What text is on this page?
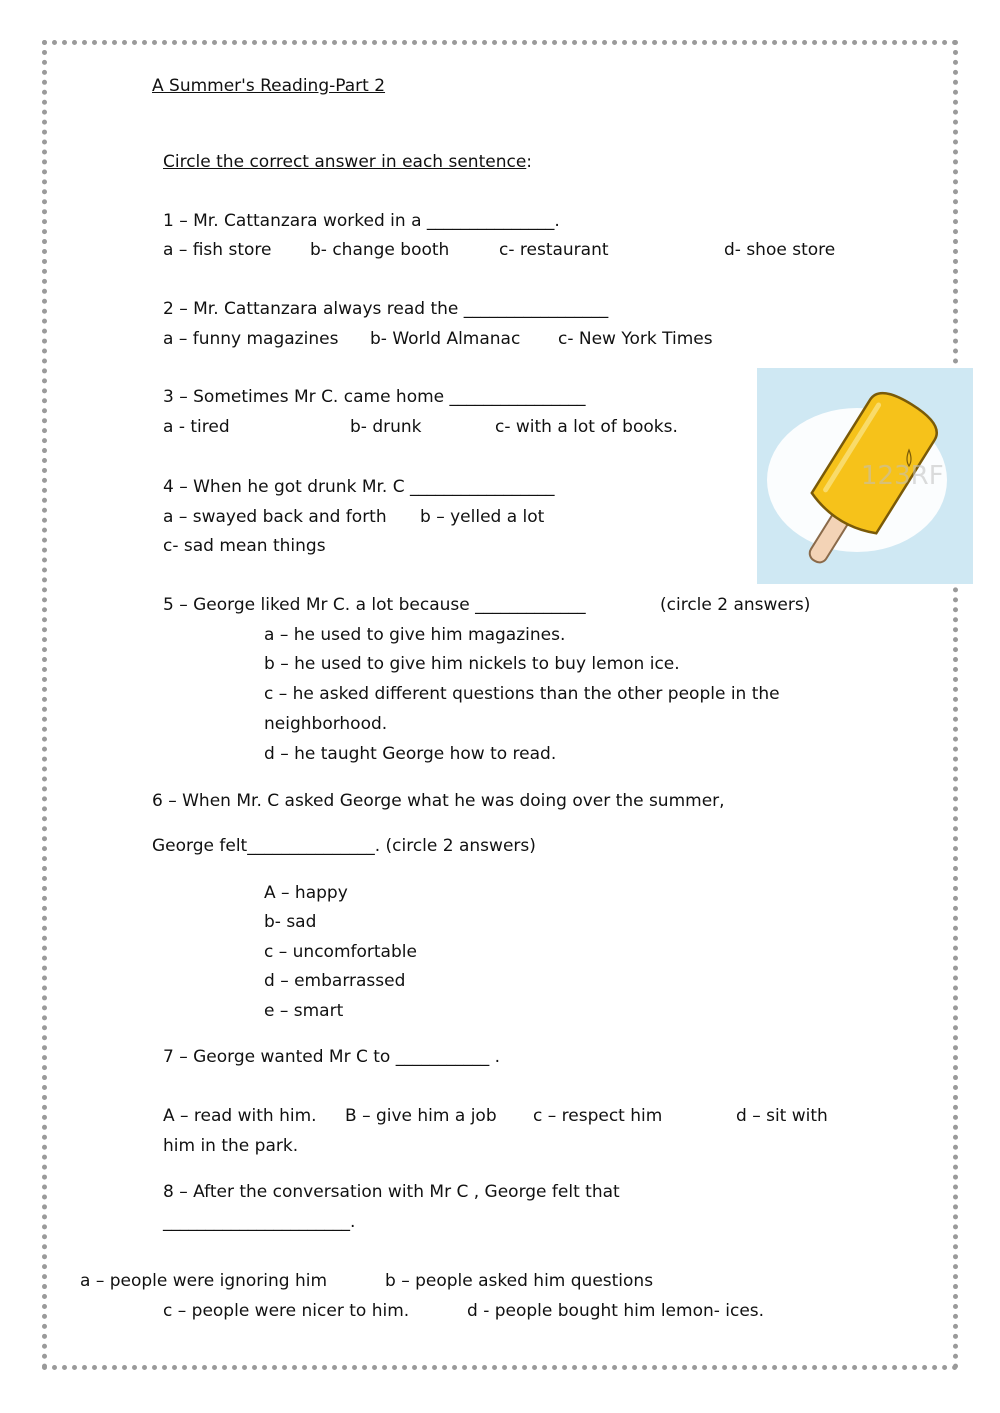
A Summer's Reading-Part 2
Circle the correct answer in each sentence:
1 – Mr. Cattanzara worked in a _______________.
a – fish store b- change booth	c- restaurant	d- shoe store
2 – Mr. Cattanzara always read the _________________
a – funny magazines b- World Almanac c- New York Times
123RF
3 – Sometimes Mr C. came home ________________
a - tired	b- drunk	c- with a lot of books.
4 – When he got drunk Mr. C _________________
a – swayed back and forth b – yelled a lot
c- sad mean things
5 – George liked Mr C. a lot because _____________	(circle 2 answers)
a – he used to give him magazines.
b – he used to give him nickels to buy lemon ice.
c – he asked different questions than the other people in the
neighborhood.
d – he taught George how to read.
6 – When Mr. C asked George what he was doing over the summer,
George felt_______________. (circle 2 answers)
A – happy
b- sad
c – uncomfortable
d – embarrassed
e – smart
7 – George wanted Mr C to ___________ .
A – read with him. B – give him a job c – respect him	d – sit with
him in the park.
8 – After the conversation with Mr C , George felt that
______________________.
a – people were ignoring him	b – people asked him questions
c – people were nicer to him.	d - people bought him lemon- ices.
